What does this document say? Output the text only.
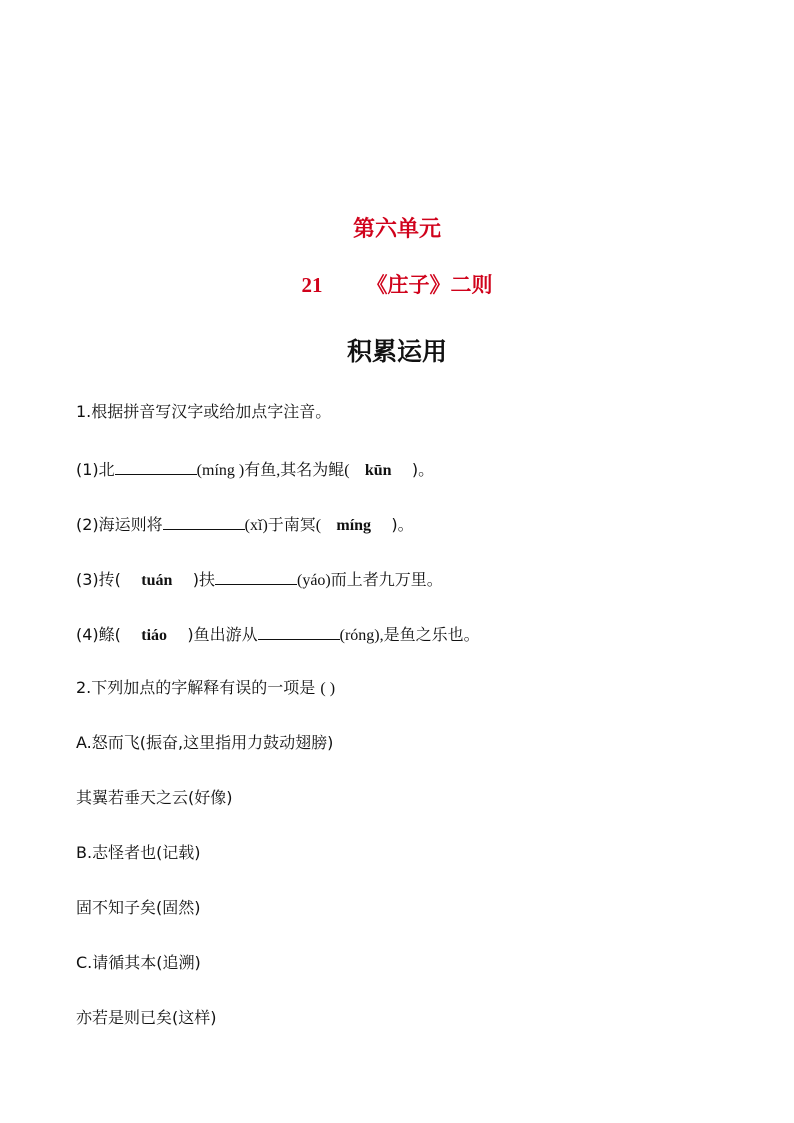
第六单元
21 《庄子》二则
积累运用
1.根据拼音写汉字或给加点字注音。
(1)北	(míng )有鱼,其名为鲲( kūn )。
(2)海运则将	(xǐ)于南冥( míng )。
(3)抟( tuán )扶	(yáo)而上者九万里。
(4)鲦( tiáo )鱼出游从	(róng),是鱼之乐也。
2.下列加点的字解释有误的一项是 ( )
A.怒而飞(振奋,这里指用力鼓动翅膀)
其翼若垂天之云(好像)
B.志怪者也(记载)
固不知子矣(固然)
C.请循其本(追溯)
亦若是则已矣(这样)
